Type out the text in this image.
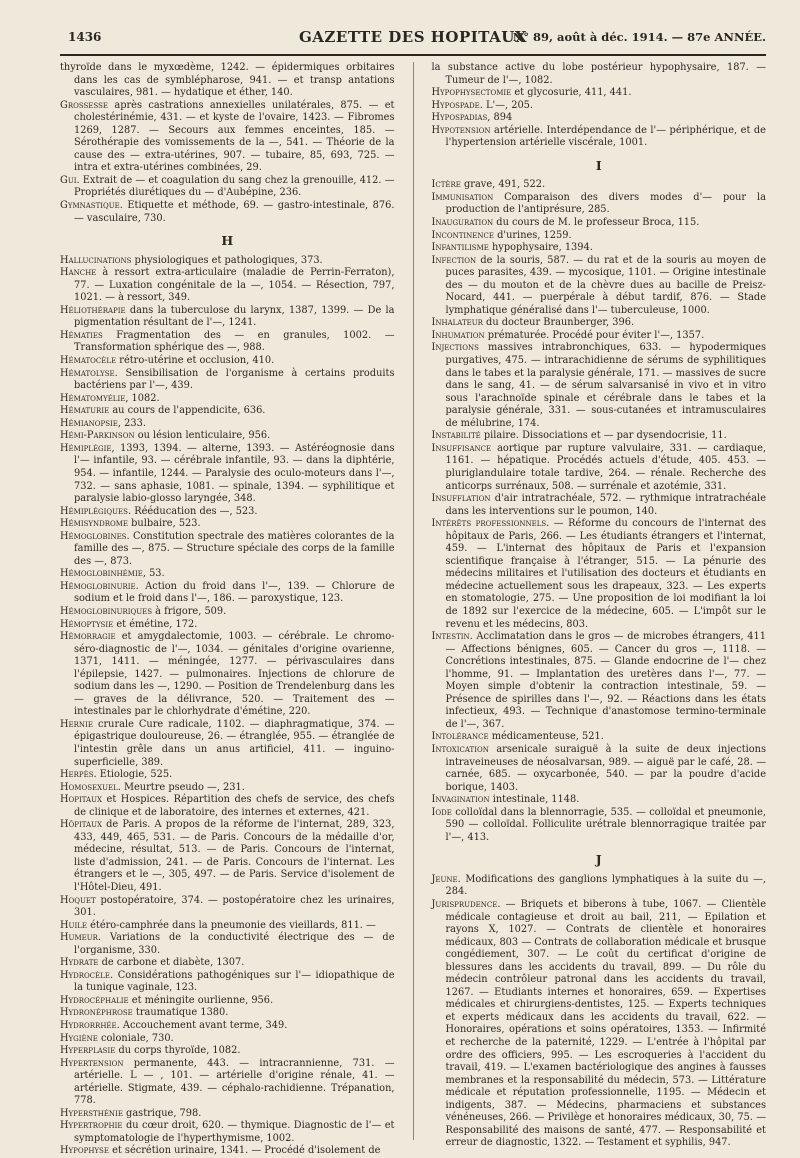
1436	GAZETTE DES HOPITAUX
N° 89, août à déc. 1914. — 87e ANNÉE.

thyroïde dans le myxœdème, 1242. — épidermiques orbitaires dans les cas de symblépharose, 941. — et transp antations vasculaires, 981. — hydatique et éther, 140.

Grossesse après castrations annexielles unilatérales, 875. — et cholestérinémie, 431. — et kyste de l'ovaire, 1423. — Fibromes 1269, 1287. — Secours aux femmes enceintes, 185. — Sérothérapie des vomissements de la —, 541. — Théorie de la cause des — extra-utérines, 907. — tubaire, 85, 693, 725. — intra et extra-utérines combinées, 29.

Gui. Extrait de — et coagulation du sang chez la grenouille, 412. — Propriétés diurétiques du — d'Aubépine, 236.

Gymnastique. Etiquette et méthode, 69. — gastro-intestinale, 876. — vasculaire, 730.

H

Hallucinations physiologiques et pathologiques, 373.

Hanche à ressort extra-articulaire (maladie de Perrin-Ferraton), 77. — Luxation congénitale de la —, 1054. — Résection, 797, 1021. — à ressort, 349.

Héliothérapie dans la tuberculose du larynx, 1387, 1399. — De la pigmentation résultant de l'—, 1241.

Hématies Fragmentation des — en granules, 1002. — Transformation sphérique des —, 988.

Hématocèle rétro-utérine et occlusion, 410.

Hématolyse. Sensibilisation de l'organisme à certains produits bactériens par l'—, 439.

Hématomyélie, 1082.

Hématurie au cours de l'appendicite, 636.

Hémianopsie, 233.

Hémi-Parkinson ou lésion lenticulaire, 956.

Hémiplégie, 1393, 1394. — alterne, 1393. — Astéréognosie dans l'— infantile, 93. — cérébrale infantile, 93. — dans la diphtérie, 954. — infantile, 1244. — Paralysie des oculo-moteurs dans l'—, 732. — sans aphasie, 1081. — spinale, 1394. — syphilitique et paralysie labio-glosso laryngée, 348.

Hémiplégiques. Rééducation des —, 523.

Hémisyndrome bulbaire, 523.

Hémoglobines. Constitution spectrale des matières colorantes de la famille des —, 875. — Structure spéciale des corps de la famille des —, 873.

Hémoglobinhémie, 53.

Hémoglobinurie. Action du froid dans l'—, 139. — Chlorure de sodium et le froid dans l'—, 186. — paroxystique, 123.

Hémoglobinuriques à frigore, 509.

Hémoptysie et émétine, 172.

Hémorragie et amygdalectomie, 1003. — cérébrale. Le chromo-séro-diagnostic de l'—, 1034. — génitales d'origine ovarienne, 1371, 1411. — méningée, 1277. — périvasculaires dans l'épilepsie, 1427. — pulmonaires. Injections de chlorure de sodium dans les —, 1290. — Position de Trendelenburg dans les — graves de la délivrance, 520. — Traitement des — intestinales par le chlorhydrate d'émétine, 220.

Hernie crurale Cure radicale, 1102. — diaphragmatique, 374. — épigastrique douloureuse, 26. — étranglée, 955. — étranglée de l'intestin grêle dans un anus artificiel, 411. — inguino-superficielle, 389.

Herpès. Etiologie, 525.

Homosexuel. Meurtre pseudo —, 231.

Hopitaux et Hospices. Répartition des chefs de service, des chefs de clinique et de laboratoire, des internes et externes, 421.

Hôpitaux de Paris. A propos de la réforme de l'internat, 289, 323, 433, 449, 465, 531. — de Paris. Concours de la médaille d'or, médecine, résultat, 513. — de Paris. Concours de l'internat, liste d'admission, 241. — de Paris. Concours de l'internat. Les étrangers et le —, 305, 497. — de Paris. Service d'isolement de l'Hôtel-Dieu, 491.

Hoquet postopératoire, 374. — postopératoire chez les urinaires, 301.

Huile étéro-camphrée dans la pneumonie des vieillards, 811. —

Humeur. Variations de la conductivité électrique des — de l'organisme, 330.

Hydrate de carbone et diabète, 1307.

Hydrocèle. Considérations pathogéniques sur l'— idiopathique de la tunique vaginale, 123.

Hydrocéphalie et méningite ourlienne, 956.

Hydronéphrose traumatique 1380.

Hydrorrhée. Accouchement avant terme, 349.

Hygiène coloniale, 730.

Hyperplasie du corps thyroïde, 1082.

Hypertension permanente, 443. — intracrannienne, 731. — artérielle. L — , 101. — artérielle d'origine rénale, 41. — artérielle. Stigmate, 439. — céphalo-rachidienne. Trépanation, 778.

Hypersthénie gastrique, 798.

Hypertrophie du cœur droit, 620. — thymique. Diagnostic de l'— et symptomatologie de l'hyperthymisme, 1002.

Hypophyse et sécrétion urinaire, 1341. — Procédé d'isolement de

la substance active du lobe postérieur hypophysaire, 187. — Tumeur de l'—, 1082.

Hypophysectomie et glycosurie, 411, 441.

Hypospade. L'—, 205.

Hypospadias, 894

Hypotension artérielle. Interdépendance de l'— périphérique, et de l'hypertension artérielle viscérale, 1001.

I

Ictère grave, 491, 522.

Immunisation Comparaison des divers modes d'— pour la production de l'antiprésure, 285.

Inauguration du cours de M. le professeur Broca, 115.

Incontinence d'urines, 1259.

Infantilisme hypophysaire, 1394.

Infection de la souris, 587. — du rat et de la souris au moyen de puces parasites, 439. — mycosique, 1101. — Origine intestinale des — du mouton et de la chèvre dues au bacille de Preisz-Nocard, 441. — puerpérale à début tardif, 876. — Stade lymphatique généralisé dans l'— tuberculeuse, 1000.

Inhalateur du docteur Braunberger, 396.

Inhumation prématurée. Procédé pour éviter l'—, 1357.

Injections massives intrabronchiques, 633. — hypodermiques purgatives, 475. — intrarachidienne de sérums de syphilitiques dans le tabes et la paralysie générale, 171. — massives de sucre dans le sang, 41. — de sérum salvarsanisé in vivo et in vitro sous l'arachnoïde spinale et cérébrale dans le tabes et la paralysie générale, 331. — sous-cutanées et intramusculaires de mélubrine, 174.

Instabilité pilaire. Dissociations et — par dysendocrisie, 11.

Insuffisance aortique par rupture valvulaire, 331. — cardiaque, 1161. — hépatique. Procédés actuels d'étude, 405. 453. — pluriglandulaire totale tardive, 264. — rénale. Recherche des anticorps surrénaux, 508. — surrénale et azotémie, 331.

Insufflation d'air intratrachéale, 572. — rythmique intratrachéale dans les interventions sur le poumon, 140.

Intérêts professionnels. — Réforme du concours de l'internat des hôpitaux de Paris, 266. — Les étudiants étrangers et l'internat, 459. — L'internat des hôpitaux de Paris et l'expansion scientifique française à l'étranger, 515. — La pénurie des médecins militaires et l'utilisation des docteurs et étudiants en médecine actuellement sous les drapeaux, 323. — Les experts en stomatologie, 275. — Une proposition de loi modifiant la loi de 1892 sur l'exercice de la médecine, 605. — L'impôt sur le revenu et les médecins, 803.

Intestin. Acclimatation dans le gros — de microbes étrangers, 411 — Affections bénignes, 605. — Cancer du gros —, 1118. — Concrétions intestinales, 875. — Glande endocrine de l'— chez l'homme, 91. — Implantation des uretères dans l'—, 77. — Moyen simple d'obtenir la contraction intestinale, 59. — Présence de spirilles dans l'—, 92. — Réactions dans les états infectieux, 493. — Technique d'anastomose termino-terminale de l'—, 367.

Intolérance médicamenteuse, 521.

Intoxication arsenicale suraiguë à la suite de deux injections intraveineuses de néosalvarsan, 989. — aiguë par le café, 28. — carnée, 685. — oxycarbonée, 540. — par la poudre d'acide borique, 1403.

Invagination intestinale, 1148.

Iode colloïdal dans la blennorragie, 535. — colloïdal et pneumonie, 590 — colloïdal. Folliculite urétrale blennorragique traitée par l'—, 413.

J

Jeune. Modifications des ganglions lymphatiques à la suite du —, 284.

Jurisprudence. — Briquets et biberons à tube, 1067. — Clientèle médicale contagieuse et droit au bail, 211, — Epilation et rayons X, 1027. — Contrats de clientèle et honoraires médicaux, 803 — Contrats de collaboration médicale et brusque congédiement, 307. — Le coût du certificat d'origine de blessures dans les accidents du travail, 899. — Du rôle du médecin contrôleur patronal dans les accidents du travail, 1267. — Etudiants internes et honoraires, 659. — Expertises médicales et chirurgiens-dentistes, 125. — Experts techniques et experts médicaux dans les accidents du travail, 622. — Honoraires, opérations et soins opératoires, 1353. — Infirmité et recherche de la paternité, 1229. — L'entrée à l'hôpital par ordre des officiers, 995. — Les escroqueries à l'accident du travail, 419. — L'examen bactériologique des angines à fausses membranes et la responsabilité du médecin, 573. — Littérature médicale et réputation professionnelle, 1195. — Médecin et indigents, 387. — Médecins, pharmaciens et substances vénéneuses, 266. — Privilège et honoraires médicaux, 30, 75. — Responsabilité des maisons de santé, 477. — Responsabilité et erreur de diagnostic, 1322. — Testament et syphilis, 947.
